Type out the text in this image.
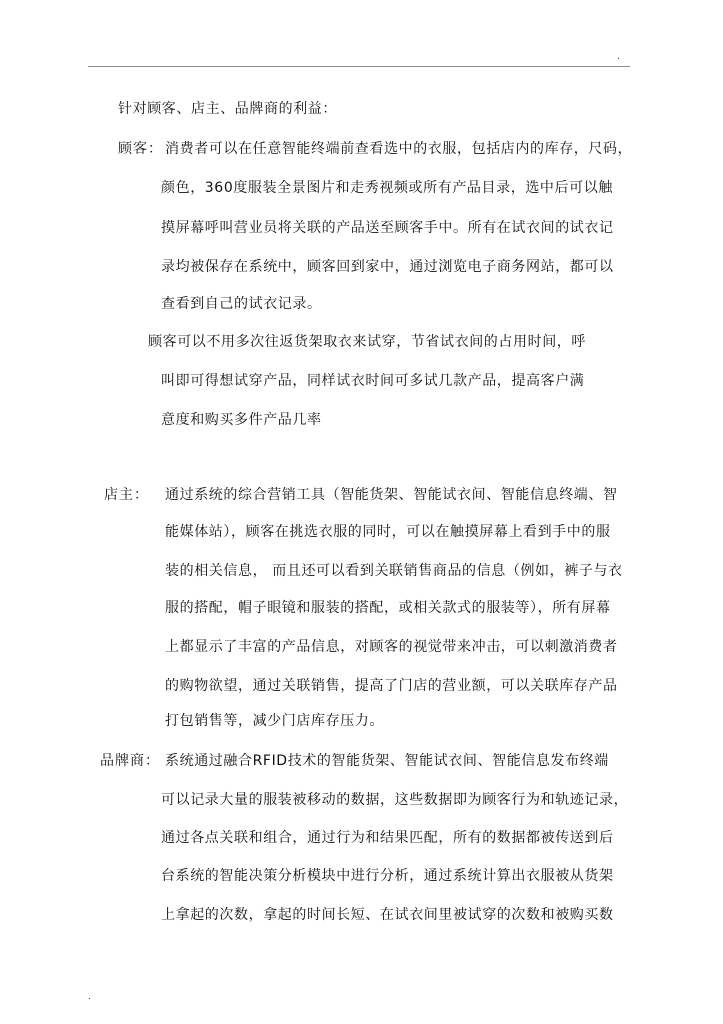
.
针对顾客、店主、品牌商的利益：
顾客： 消费者可以在任意智能终端前查看选中的衣服，包括店内的库存，尺码，
颜色，360度服装全景图片和走秀视频或所有产品目录，选中后可以触
摸屏幕呼叫营业员将关联的产品送至顾客手中。所有在试衣间的试衣记
录均被保存在系统中，顾客回到家中，通过浏览电子商务网站，都可以
查看到自己的试衣记录。
顾客可以不用多次往返货架取衣来试穿，节省试衣间的占用时间，呼
叫即可得想试穿产品，同样试衣时间可多试几款产品，提高客户满
意度和购买多件产品几率
店主： 通过系统的综合营销工具（智能货架、智能试衣间、智能信息终端、智
能媒体站），顾客在挑选衣服的同时，可以在触摸屏幕上看到手中的服
装的相关信息， 而且还可以看到关联销售商品的信息（例如，裤子与衣
服的搭配，帽子眼镜和服装的搭配，或相关款式的服装等），所有屏幕
上都显示了丰富的产品信息，对顾客的视觉带来冲击，可以刺激消费者
的购物欲望，通过关联销售，提高了门店的营业额，可以关联库存产品
打包销售等，减少门店库存压力。
品牌商： 系统通过融合RFID技术的智能货架、智能试衣间、智能信息发布终端
可以记录大量的服装被移动的数据，这些数据即为顾客行为和轨迹记录，
通过各点关联和组合，通过行为和结果匹配，所有的数据都被传送到后
台系统的智能决策分析模块中进行分析，通过系统计算出衣服被从货架
上拿起的次数，拿起的时间长短、在试衣间里被试穿的次数和被购买数
.
